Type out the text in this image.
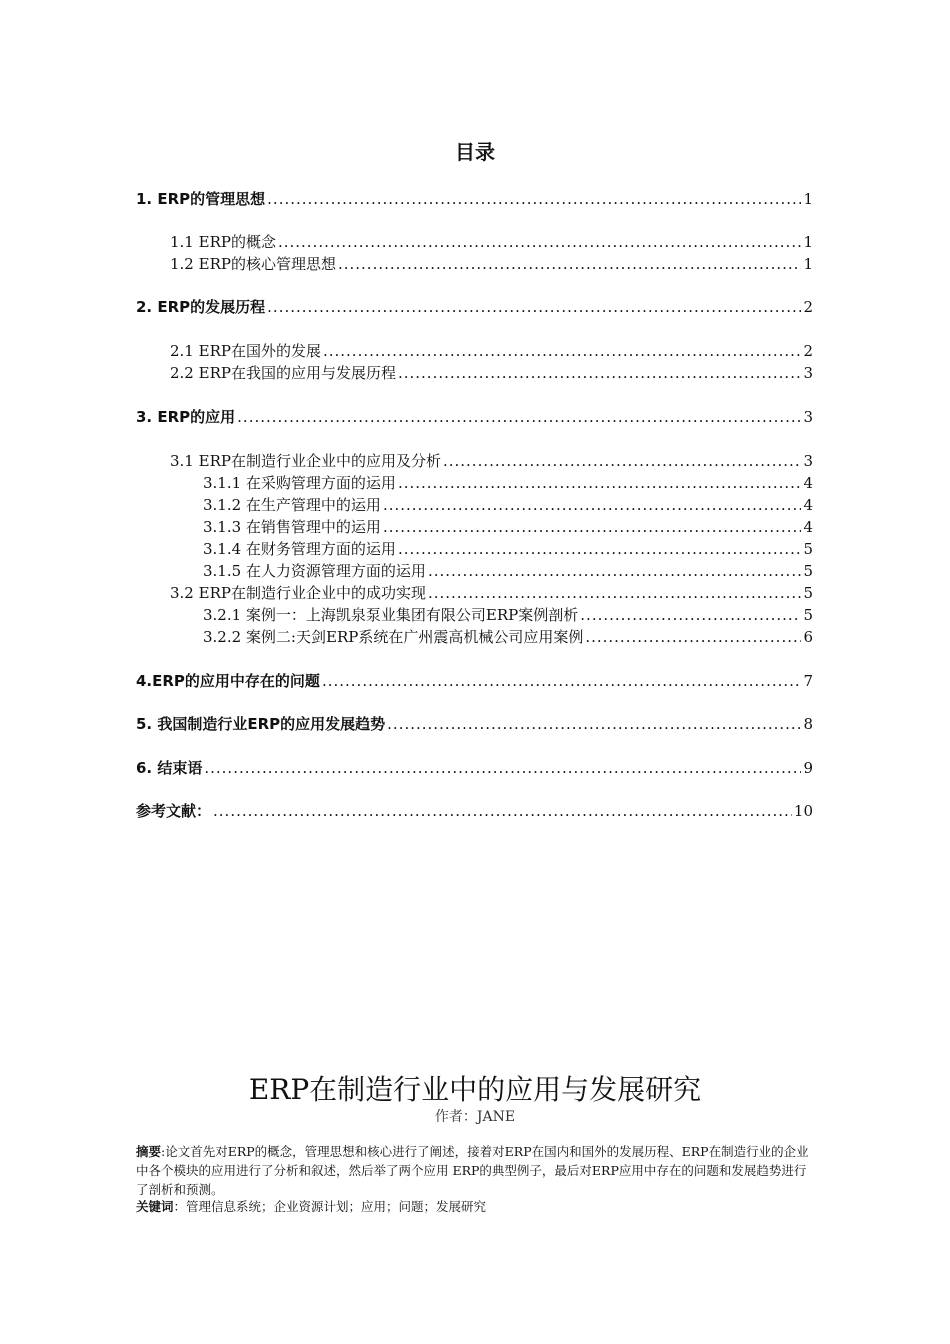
目录
1. ERP的管理思想 .....	1
1.1 ERP的概念 .....	1
1.2 ERP的核心管理思想 .....	1
2. ERP的发展历程 .....	2
2.1 ERP在国外的发展 .....	2
2.2 ERP在我国的应用与发展历程 .....	3
3. ERP的应用 .....	3
3.1 ERP在制造行业企业中的应用及分析 .....	3
3.1.1 在采购管理方面的运用 .....	4
3.1.2 在生产管理中的运用 .....	4
3.1.3 在销售管理中的运用 .....	4
3.1.4 在财务管理方面的运用 .....	5
3.1.5 在人力资源管理方面的运用 .....	5
3.2 ERP在制造行业企业中的成功实现 .....	5
3.2.1 案例一：上海凯泉泵业集团有限公司ERP案例剖析 .....	5
3.2.2 案例二:天剑ERP系统在广州震高机械公司应用案例 .....	6
4.ERP的应用中存在的问题 .....	7
5. 我国制造行业ERP的应用发展趋势 .....	8
6. 结束语 .....	9
参考文献： .....	10
ERP在制造行业中的应用与发展研究
作者：JANE
摘要:论文首先对ERP的概念，管理思想和核心进行了阐述，接着对ERP在国内和国外的发展历程、ERP在制造行业的企业中各个模块的应用进行了分析和叙述，然后举了两个应用 ERP的典型例子，最后对ERP应用中存在的问题和发展趋势进行了剖析和预测。
关键词：管理信息系统；企业资源计划；应用；问题；发展研究
